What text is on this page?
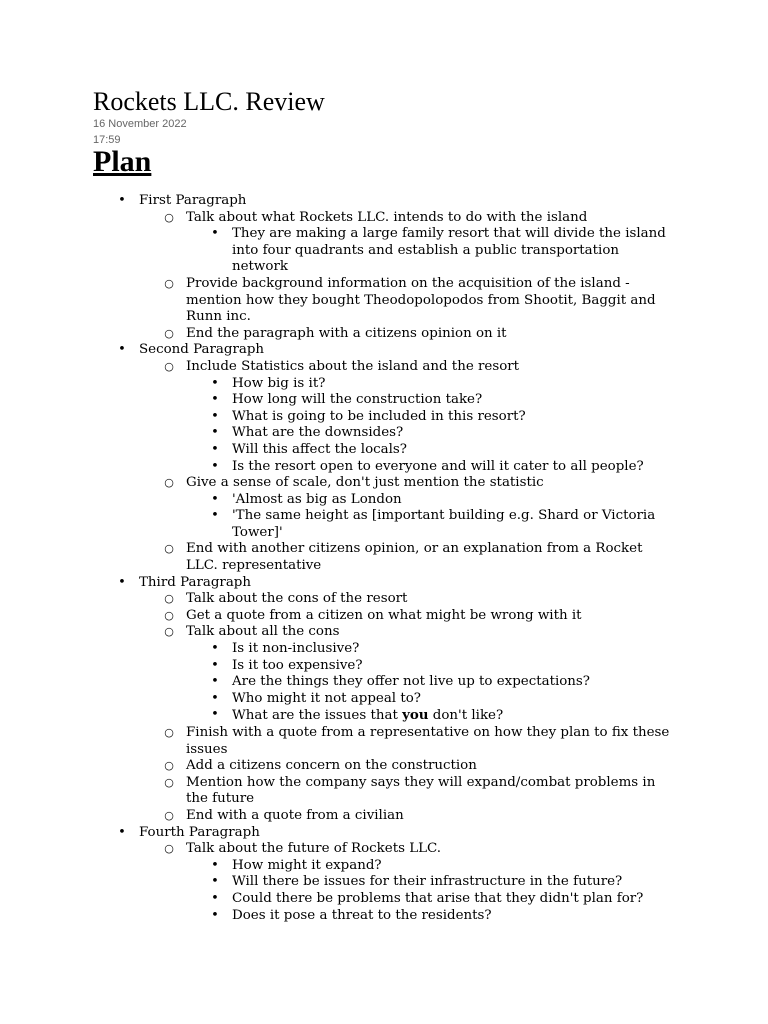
Rockets LLC. Review
16 November 2022
17:59
Plan
• First Paragraph
○ Talk about what Rockets LLC. intends to do with the island
• They are making a large family resort that will divide the island into four quadrants and establish a public transportation network
○ Provide background information on the acquisition of the island - mention how they bought Theodopolopodos from Shootit, Baggit and Runn inc.
○ End the paragraph with a citizens opinion on it
• Second Paragraph
○ Include Statistics about the island and the resort
• How big is it?
• How long will the construction take?
• What is going to be included in this resort?
• What are the downsides?
• Will this affect the locals?
• Is the resort open to everyone and will it cater to all people?
○ Give a sense of scale, don't just mention the statistic
• 'Almost as big as London
• 'The same height as [important building e.g. Shard or Victoria Tower]'
○ End with another citizens opinion, or an explanation from a Rocket LLC. representative
• Third Paragraph
○ Talk about the cons of the resort
○ Get a quote from a citizen on what might be wrong with it
○ Talk about all the cons
• Is it non-inclusive?
• Is it too expensive?
• Are the things they offer not live up to expectations?
• Who might it not appeal to?
• What are the issues that you don't like?
○ Finish with a quote from a representative on how they plan to fix these issues
○ Add a citizens concern on the construction
○ Mention how the company says they will expand/combat problems in the future
○ End with a quote from a civilian
• Fourth Paragraph
○ Talk about the future of Rockets LLC.
• How might it expand?
• Will there be issues for their infrastructure in the future?
• Could there be problems that arise that they didn't plan for?
• Does it pose a threat to the residents?
